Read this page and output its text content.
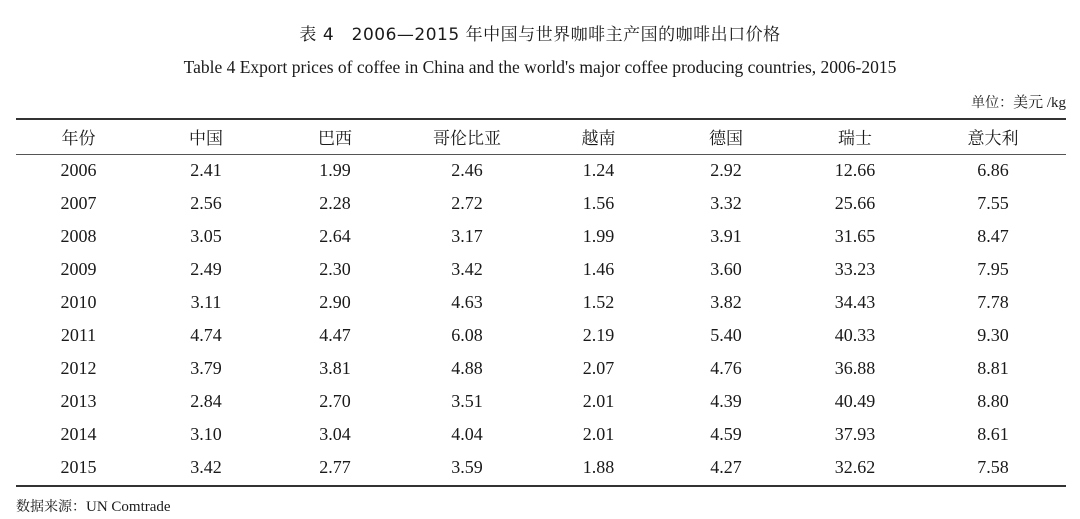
表 4　2006—2015 年中国与世界咖啡主产国的咖啡出口价格
Table 4 Export prices of coffee in China and the world's major coffee producing countries, 2006-2015
单位：美元 /kg
年份	中国	巴西	哥伦比亚	越南	德国	瑞士	意大利
2006	2.41	1.99	2.46	1.24	2.92	12.66	6.86
2007	2.56	2.28	2.72	1.56	3.32	25.66	7.55
2008	3.05	2.64	3.17	1.99	3.91	31.65	8.47
2009	2.49	2.30	3.42	1.46	3.60	33.23	7.95
2010	3.11	2.90	4.63	1.52	3.82	34.43	7.78
2011	4.74	4.47	6.08	2.19	5.40	40.33	9.30
2012	3.79	3.81	4.88	2.07	4.76	36.88	8.81
2013	2.84	2.70	3.51	2.01	4.39	40.49	8.80
2014	3.10	3.04	4.04	2.01	4.59	37.93	8.61
2015	3.42	2.77	3.59	1.88	4.27	32.62	7.58
数据来源：UN Comtrade
